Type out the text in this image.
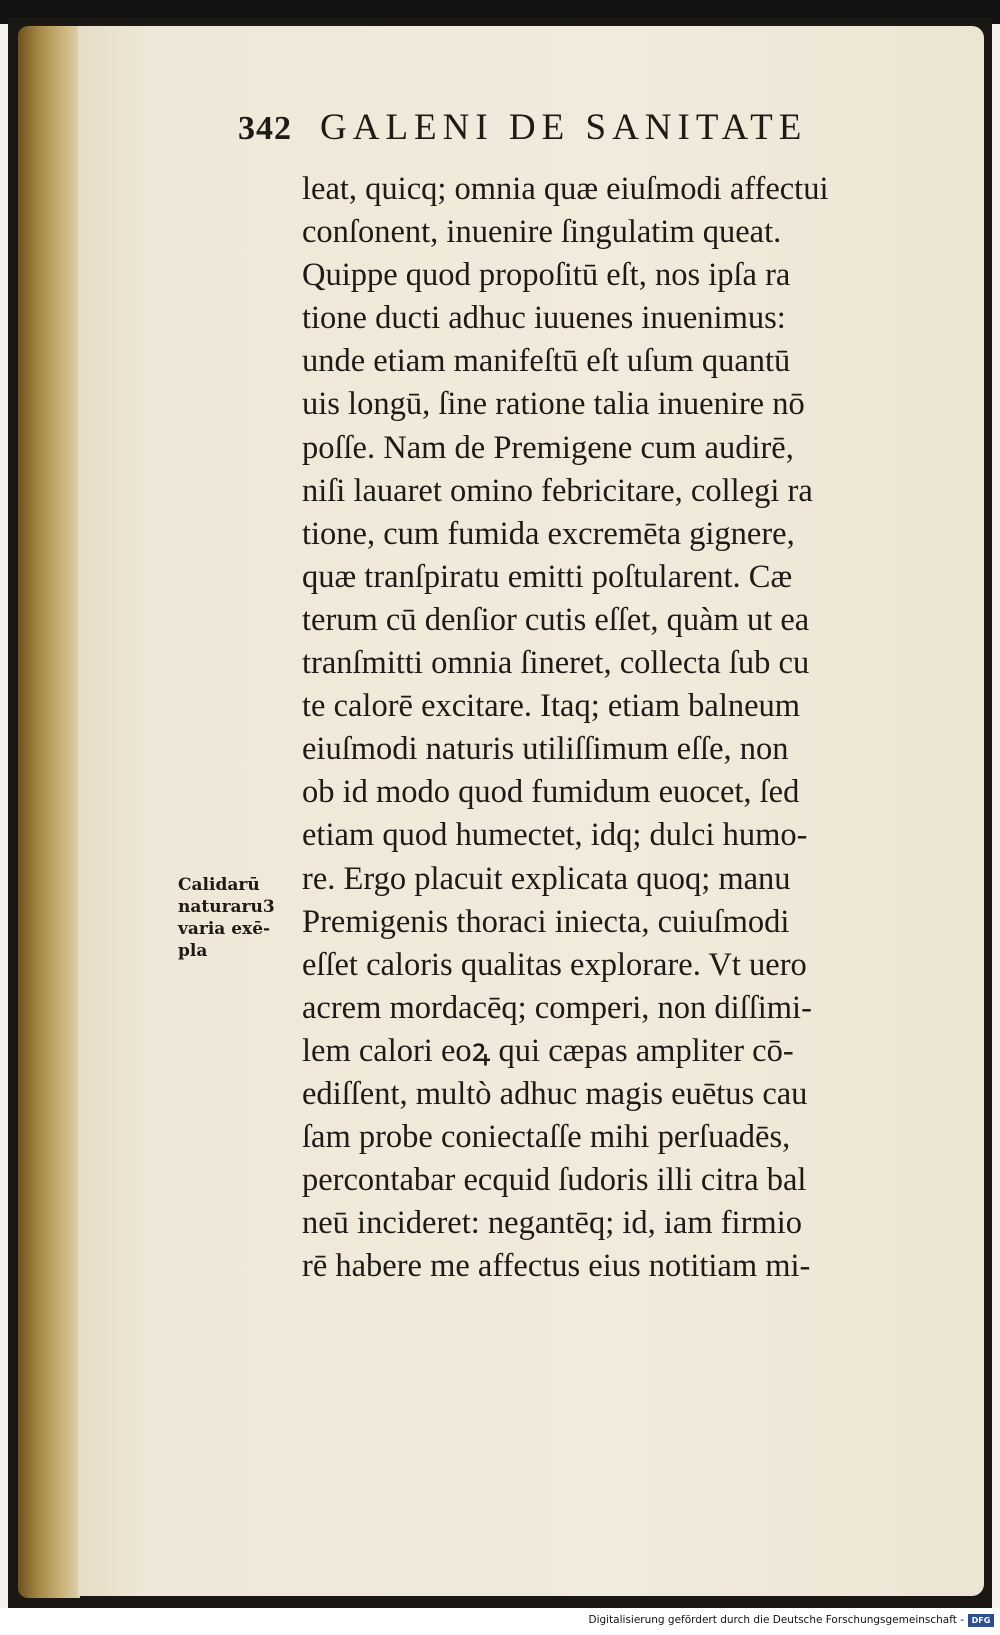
342 GALENI DE SANITATE
Calidarū
naturaru3
varia exē-
pla
leat, quicq; omnia quæ eiuſmodi affectui
conſonent, inuenire ſingulatim queat.
Quippe quod propoſitū eſt, nos ipſa ra
tione ducti adhuc iuuenes inuenimus:
unde etiam manifeſtū eſt uſum quantū
uis longū, ſine ratione talia inuenire nō
poſſe. Nam de Premigene cum audirē,
niſi lauaret omino febricitare, collegi ra
tione, cum fumida excremēta gignere,
quæ tranſpiratu emitti poſtularent. Cæ
terum cū denſior cutis eſſet, quàm ut ea
tranſmitti omnia ſineret, collecta ſub cu
te calorē excitare. Itaq; etiam balneum
eiuſmodi naturis utiliſſimum eſſe, non
ob id modo quod fumidum euocet, ſed
etiam quod humectet, idq; dulci humo-
re. Ergo placuit explicata quoq; manu
Premigenis thoraci iniecta, cuiuſmodi
eſſet caloris qualitas explorare. Vt uero
acrem mordacēq; comperi, non diſſimi-
lem calori eoꝝ qui cæpas ampliter cō-
ediſſent, multò adhuc magis euētus cau
ſam probe coniectaſſe mihi perſuadēs,
percontabar ecquid ſudoris illi citra bal
neū incideret: negantēq; id, iam firmio
rē habere me affectus eius notitiam mi-
Digitalisierung gefördert durch die Deutsche Forschungsgemeinschaft - DFG
